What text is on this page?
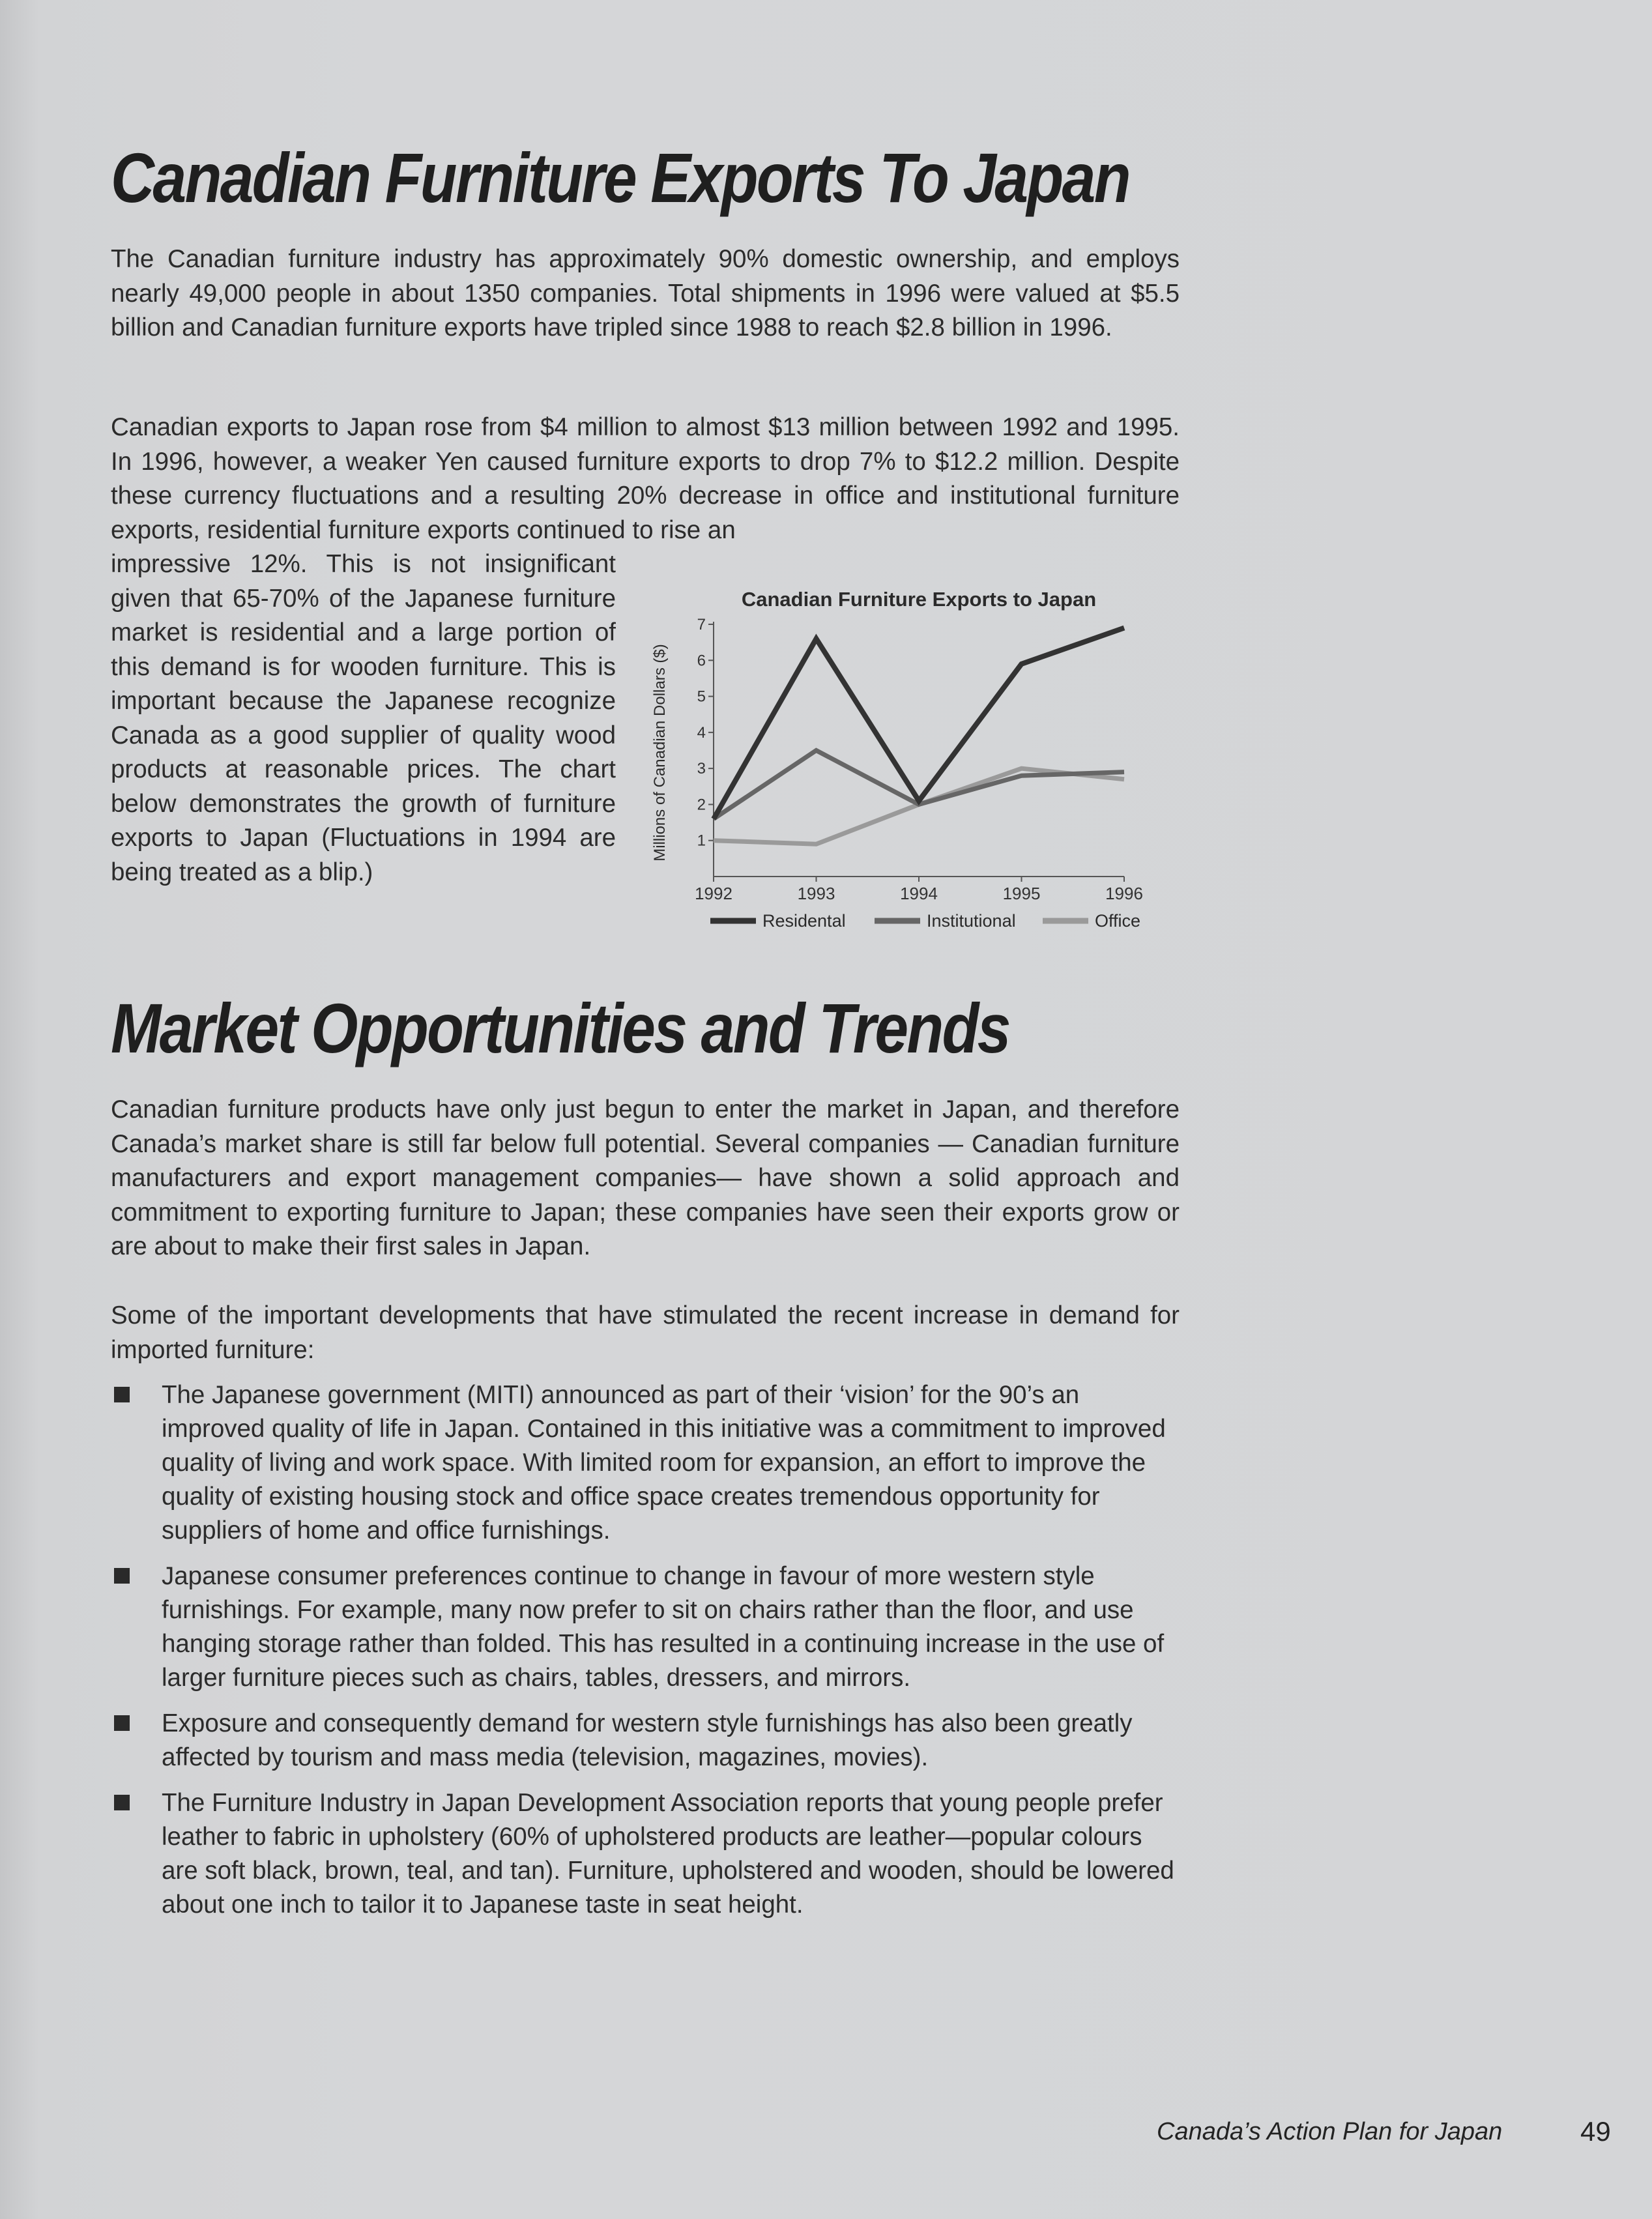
Canadian Furniture Exports To Japan

The Canadian furniture industry has approximately 90% domestic ownership, and employs nearly 49,000 people in about 1350 companies. Total shipments in 1996 were valued at $5.5 billion and Canadian furniture exports have tripled since 1988 to reach $2.8 billion in 1996.

Canadian exports to Japan rose from $4 million to almost $13 million between 1992 and 1995. In 1996, however, a weaker Yen caused furniture exports to drop 7% to $12.2 million. Despite these currency fluctuations and a resulting 20% decrease in office and institutional furniture exports, residential furniture exports continued to rise an

impressive 12%. This is not insignificant given that 65-70% of the Japanese furniture market is residential and a large portion of this demand is for wooden furniture. This is important because the Japanese recognize Canada as a good supplier of quality wood products at reasonable prices. The chart below demonstrates the growth of furniture exports to Japan (Fluctuations in 1994 are being treated as a blip.)

1
2
3
4
5
6
7
1992	1993	1994	1995	1996
Residental	Institutional	Office
Canadian Furniture Exports to Japan
Millions of Canadian Dollars ($)
Market Opportunities and Trends

Canadian furniture products have only just begun to enter the market in Japan, and therefore Canada’s market share is still far below full potential. Several companies — Canadian furniture manufacturers and export management companies— have shown a solid approach and commitment to exporting furniture to Japan; these companies have seen their exports grow or are about to make their first sales in Japan.

Some of the important developments that have stimulated the recent increase in demand for imported furniture:

The Japanese government (MITI) announced as part of their ‘vision’ for the 90’s an improved quality of life in Japan. Contained in this initiative was a commitment to improved quality of living and work space. With limited room for expansion, an effort to improve the quality of existing housing stock and office space creates tremendous opportunity for suppliers of home and office furnishings.
Japanese consumer preferences continue to change in favour of more western style furnishings. For example, many now prefer to sit on chairs rather than the floor, and use hanging storage rather than folded. This has resulted in a continuing increase in the use of larger furniture pieces such as chairs, tables, dressers, and mirrors.
Exposure and consequently demand for western style furnishings has also been greatly affected by tourism and mass media (television, magazines, movies).
The Furniture Industry in Japan Development Association reports that young people prefer leather to fabric in upholstery (60% of upholstered products are leather—popular colours are soft black, brown, teal, and tan). Furniture, upholstered and wooden, should be lowered about one inch to tailor it to Japanese taste in seat height.
Canada’s Action Plan for Japan	49
